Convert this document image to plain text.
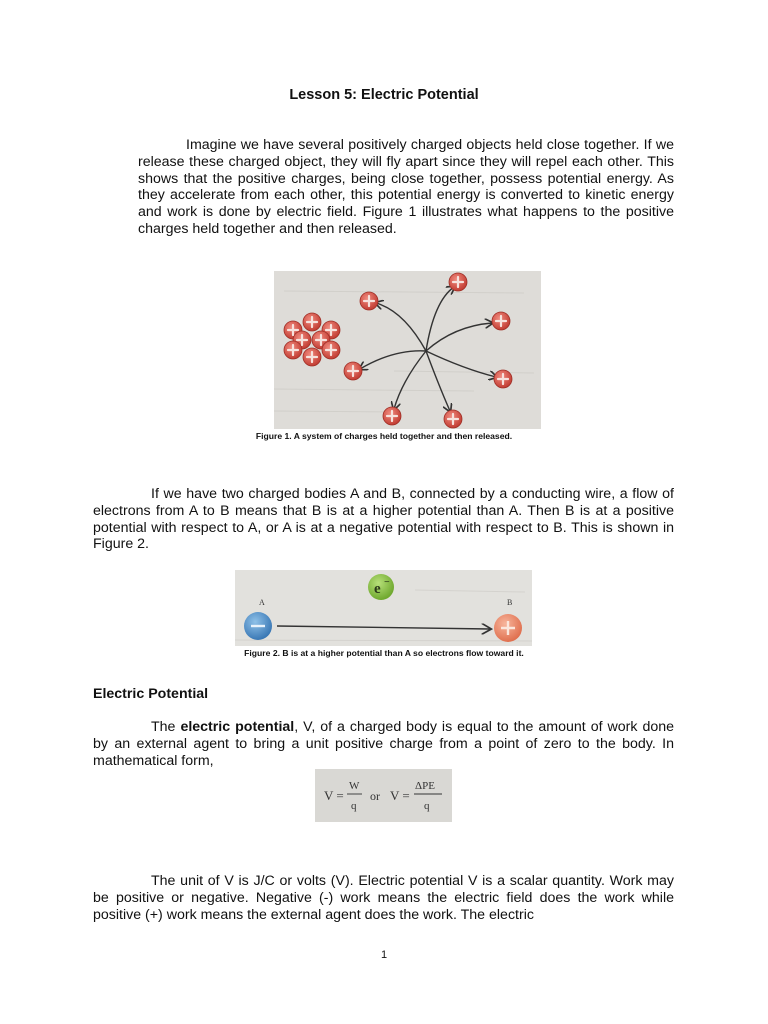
Lesson 5: Electric Potential

Imagine we have several positively charged objects held close together. If we release these charged object, they will fly apart since they will repel each other. This shows that the positive charges, being close together, possess potential energy. As they accelerate from each other, this potential energy is converted to kinetic energy and work is done by electric field. Figure 1 illustrates what happens to the positive charges held together and then released.

Figure 1. A system of charges held together and then released.

If we have two charged bodies A and B, connected by a conducting wire, a flow of electrons from A to B means that B is at a higher potential than A. Then B is at a positive potential with respect to A, or A is at a negative potential with respect to B. This is shown in Figure 2.

e −
A	B
Figure 2. B is at a higher potential than A so electrons flow toward it.
Electric Potential

The electric potential, V, of a charged body is equal to the amount of work done by an external agent to bring a unit positive charge from a point of zero to the body. In mathematical form,

V =
W
q
or V =
ΔPE
q

The unit of V is J/C or volts (V). Electric potential V is a scalar quantity. Work may be positive or negative. Negative (-) work means the electric field does the work while positive (+) work means the external agent does the work. The electric

1
